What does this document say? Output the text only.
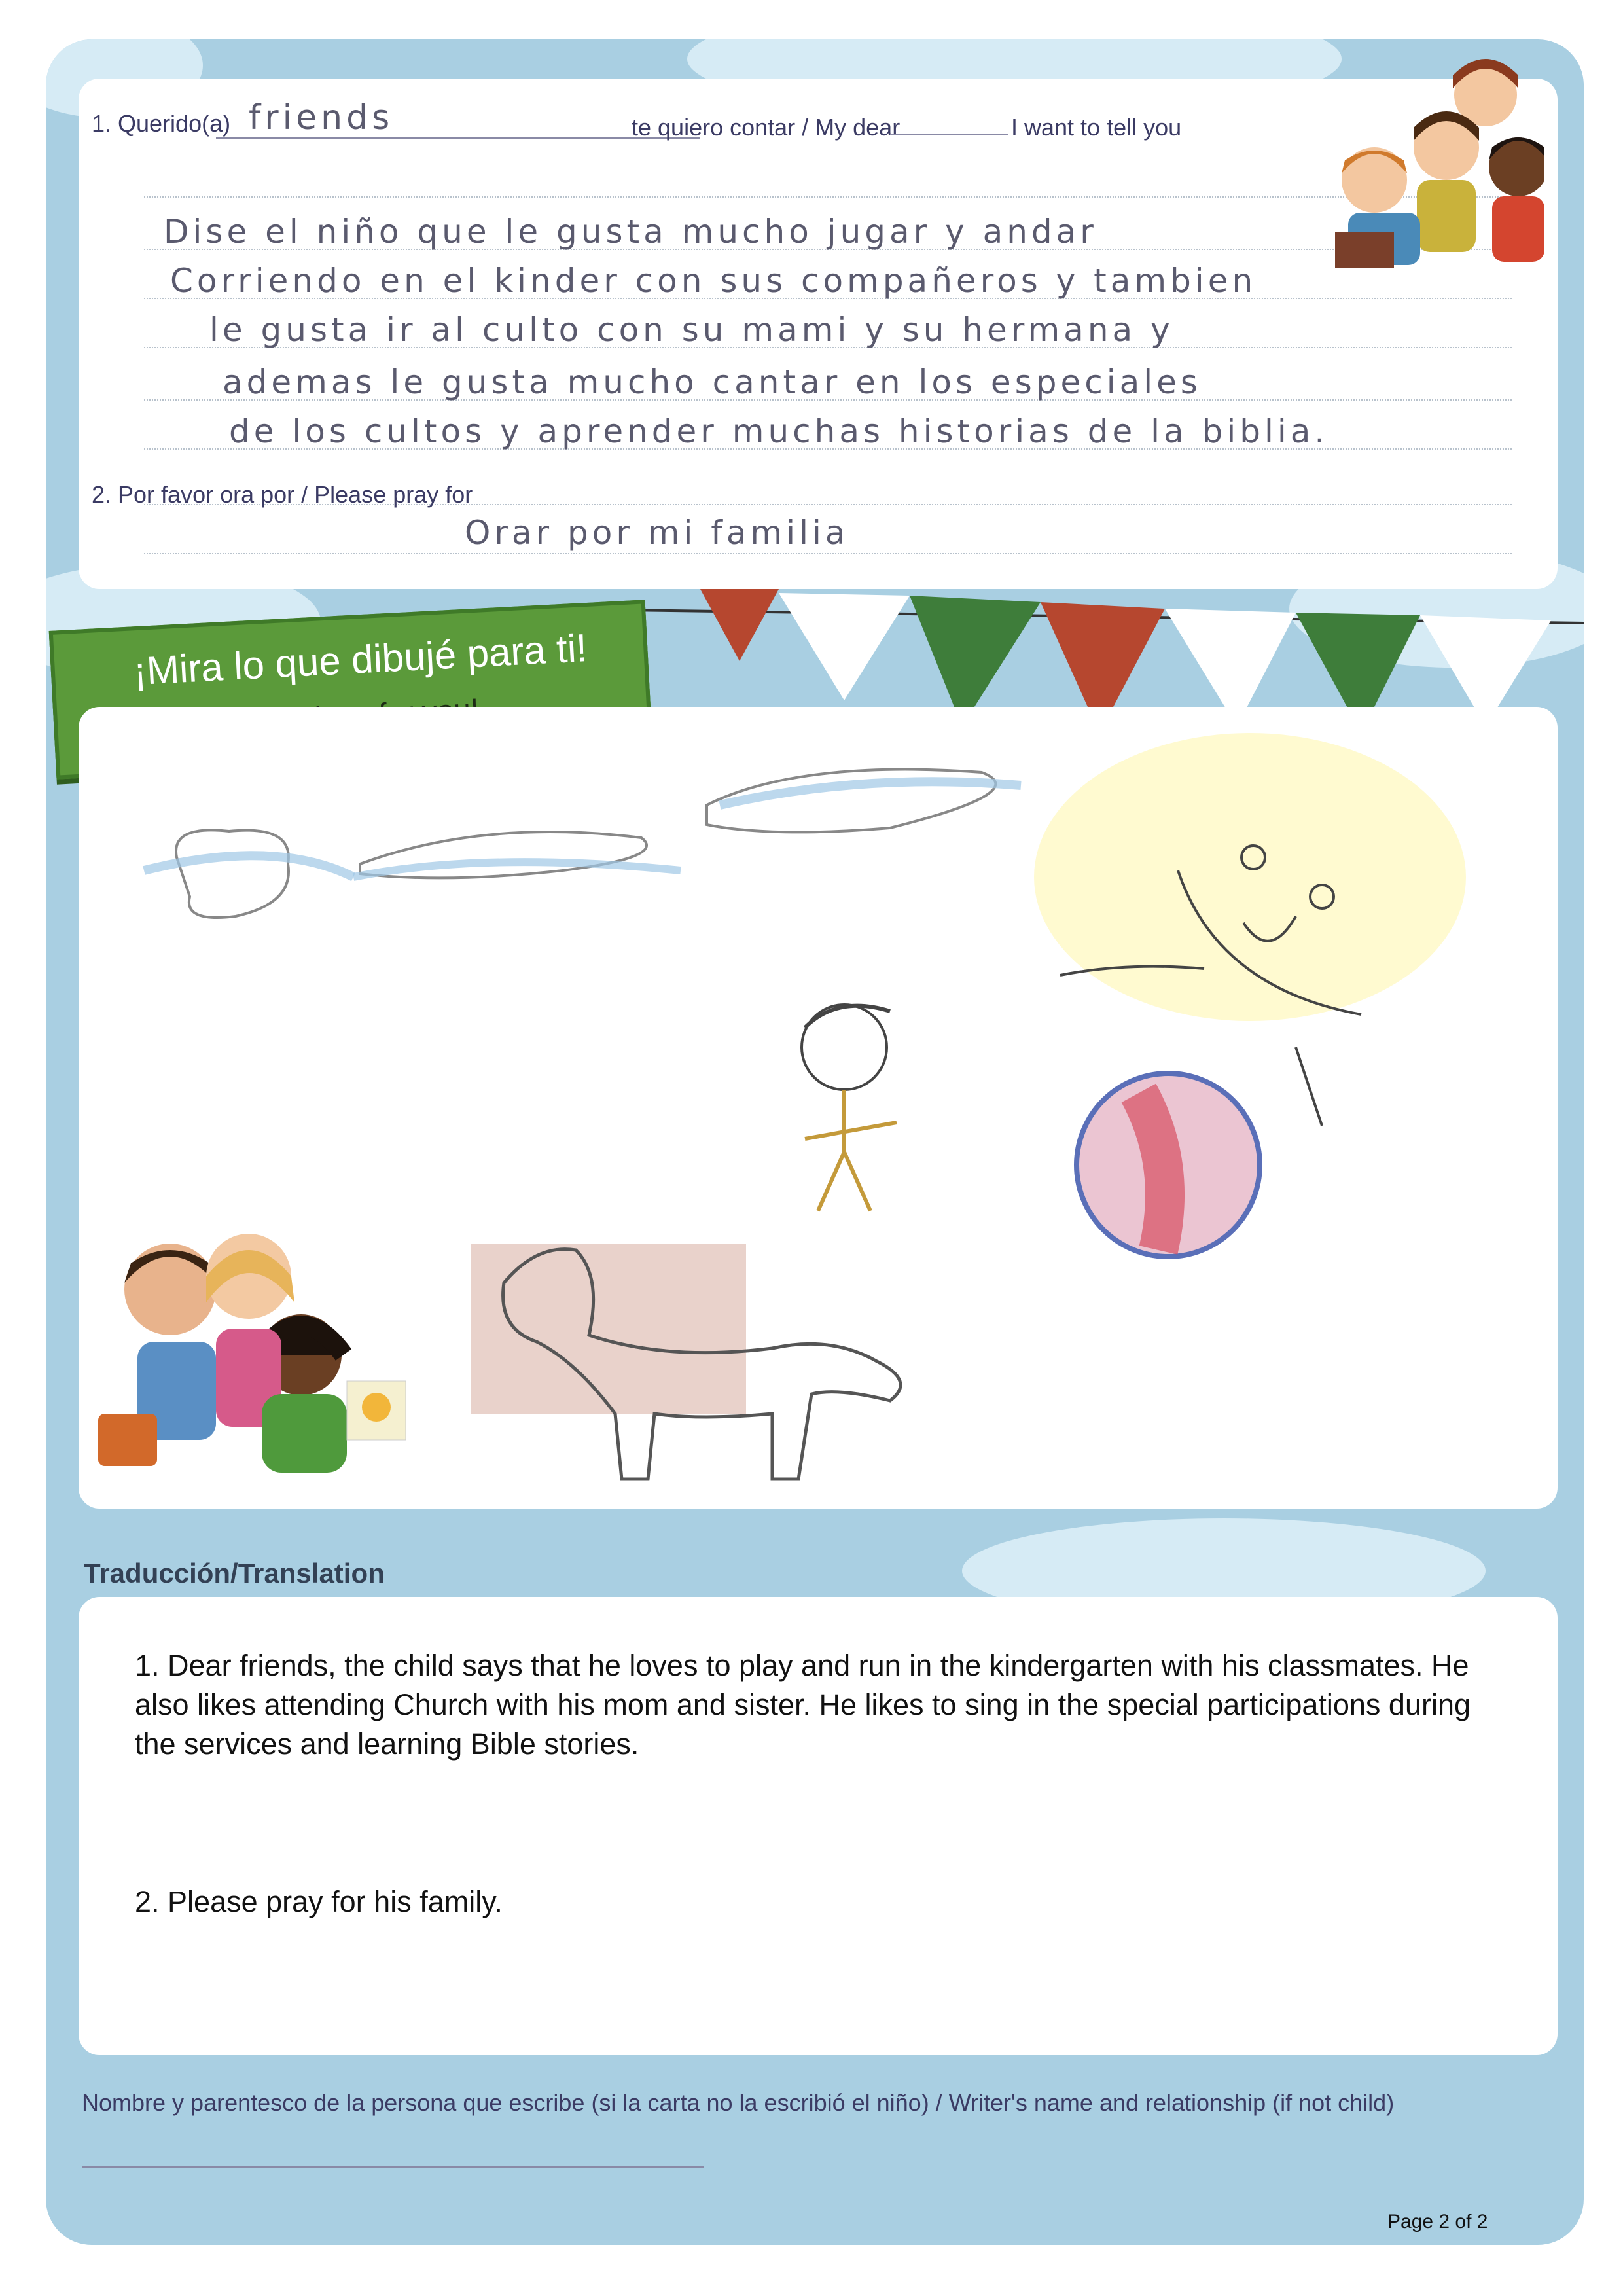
1. Querido(a) friends	te quiero contar / My dear	I want to tell you
Dise el niño que le gusta mucho jugar y andar
Corriendo en el kinder con sus compañeros y tambien
le gusta ir al culto con su mami y su hermana y
ademas le gusta mucho cantar en los especiales
de los cultos y aprender muchas historias de la biblia.
2. Por favor ora por / Please pray for
Orar por mi familia
¡Mira lo que dibujé para ti!
Traducción/Translation
1. Dear friends, the child says that he loves to play and run in the kindergarten with his classmates. He also likes attending Church with his mom and sister. He likes to sing in the special participations during the services and learning Bible stories.
2. Please pray for his family.
Nombre y parentesco de la persona que escribe (si la carta no la escribió el niño) / Writer's name and relationship (if not child)
Page 2 of 2
